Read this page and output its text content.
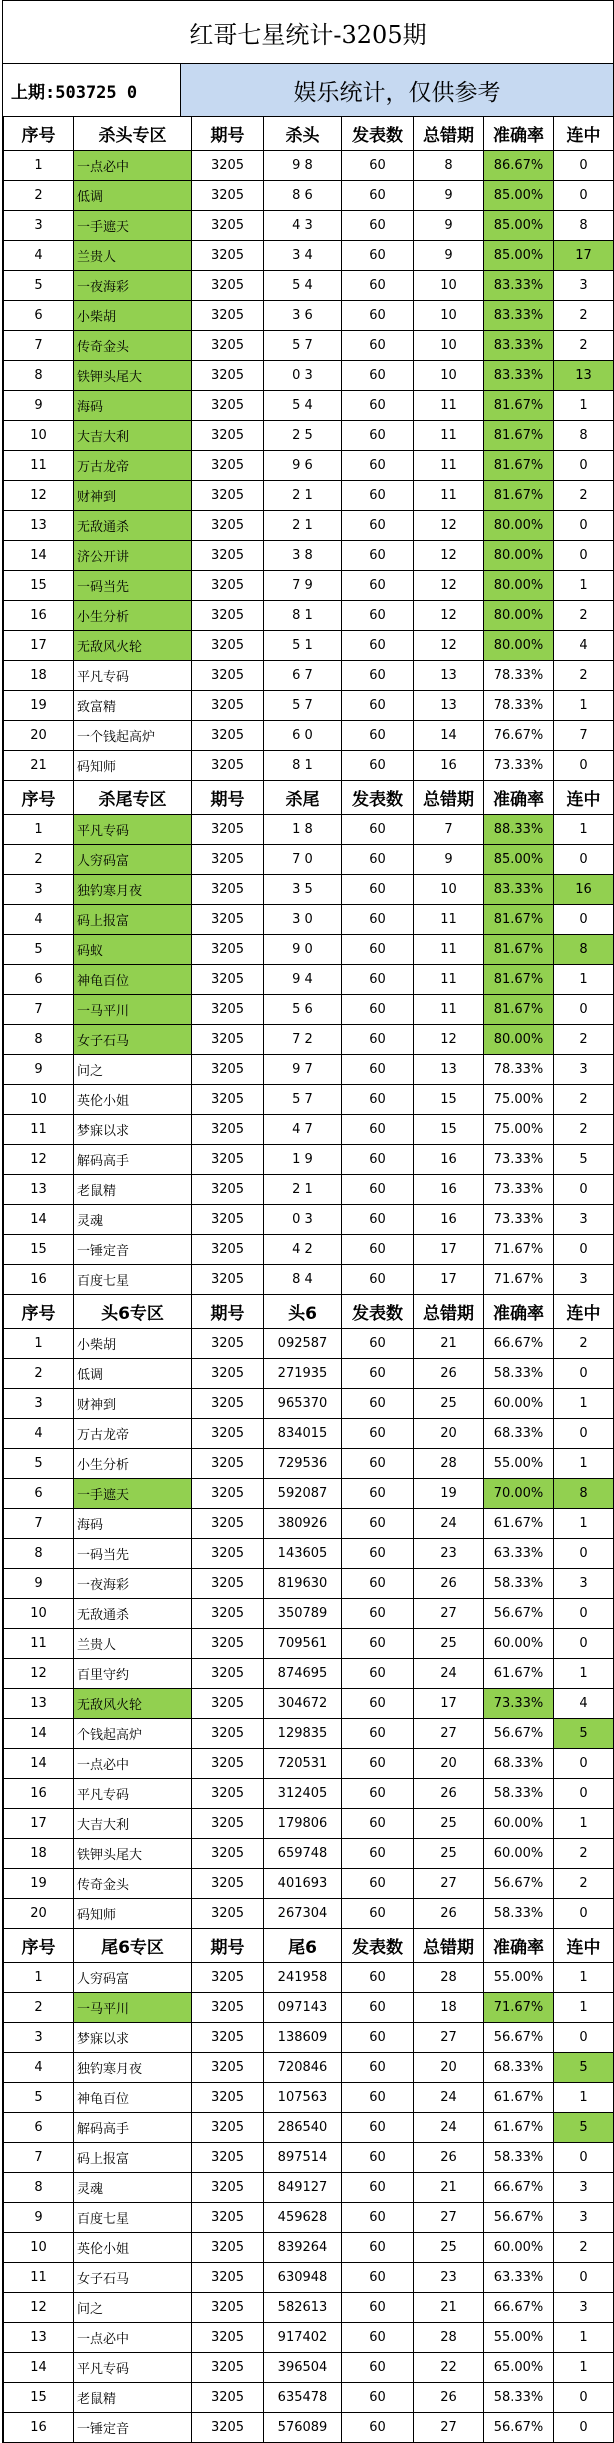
红哥七星统计-3205期
上期:503725 0	娱乐统计，仅供参考
序号	杀头专区	期号	杀头	发表数	总错期	准确率	连中
1	一点必中	3205	9 8	60	8	86.67%	0
2	低调	3205	8 6	60	9	85.00%	0
3	一手遮天	3205	4 3	60	9	85.00%	8
4	兰贵人	3205	3 4	60	9	85.00%	17
5	一夜海彩	3205	5 4	60	10	83.33%	3
6	小柴胡	3205	3 6	60	10	83.33%	2
7	传奇金头	3205	5 7	60	10	83.33%	2
8	铁钾头尾大	3205	0 3	60	10	83.33%	13
9	海码	3205	5 4	60	11	81.67%	1
10	大吉大利	3205	2 5	60	11	81.67%	8
11	万古龙帝	3205	9 6	60	11	81.67%	0
12	财神到	3205	2 1	60	11	81.67%	2
13	无敌通杀	3205	2 1	60	12	80.00%	0
14	济公开讲	3205	3 8	60	12	80.00%	0
15	一码当先	3205	7 9	60	12	80.00%	1
16	小生分析	3205	8 1	60	12	80.00%	2
17	无敌风火轮	3205	5 1	60	12	80.00%	4
18	平凡专码	3205	6 7	60	13	78.33%	2
19	致富精	3205	5 7	60	13	78.33%	1
20	一个钱起高炉	3205	6 0	60	14	76.67%	7
21	码知师	3205	8 1	60	16	73.33%	0
序号	杀尾专区	期号	杀尾	发表数	总错期	准确率	连中
1	平凡专码	3205	1 8	60	7	88.33%	1
2	人穷码富	3205	7 0	60	9	85.00%	0
3	独钓寒月夜	3205	3 5	60	10	83.33%	16
4	码上报富	3205	3 0	60	11	81.67%	0
5	码蚁	3205	9 0	60	11	81.67%	8
6	神龟百位	3205	9 4	60	11	81.67%	1
7	一马平川	3205	5 6	60	11	81.67%	0
8	女子石马	3205	7 2	60	12	80.00%	2
9	问之	3205	9 7	60	13	78.33%	3
10	英伦小姐	3205	5 7	60	15	75.00%	2
11	梦寐以求	3205	4 7	60	15	75.00%	2
12	解码高手	3205	1 9	60	16	73.33%	5
13	老鼠精	3205	2 1	60	16	73.33%	0
14	灵魂	3205	0 3	60	16	73.33%	3
15	一锤定音	3205	4 2	60	17	71.67%	0
16	百度七星	3205	8 4	60	17	71.67%	3
序号	头6专区	期号	头6	发表数	总错期	准确率	连中
1	小柴胡	3205	092587	60	21	66.67%	2
2	低调	3205	271935	60	26	58.33%	0
3	财神到	3205	965370	60	25	60.00%	1
4	万古龙帝	3205	834015	60	20	68.33%	0
5	小生分析	3205	729536	60	28	55.00%	1
6	一手遮天	3205	592087	60	19	70.00%	8
7	海码	3205	380926	60	24	61.67%	1
8	一码当先	3205	143605	60	23	63.33%	0
9	一夜海彩	3205	819630	60	26	58.33%	3
10	无敌通杀	3205	350789	60	27	56.67%	0
11	兰贵人	3205	709561	60	25	60.00%	0
12	百里守约	3205	874695	60	24	61.67%	1
13	无敌风火轮	3205	304672	60	17	73.33%	4
14	个钱起高炉	3205	129835	60	27	56.67%	5
14	一点必中	3205	720531	60	20	68.33%	0
16	平凡专码	3205	312405	60	26	58.33%	0
17	大吉大利	3205	179806	60	25	60.00%	1
18	铁钾头尾大	3205	659748	60	25	60.00%	2
19	传奇金头	3205	401693	60	27	56.67%	2
20	码知师	3205	267304	60	26	58.33%	0
序号	尾6专区	期号	尾6	发表数	总错期	准确率	连中
1	人穷码富	3205	241958	60	28	55.00%	1
2	一马平川	3205	097143	60	18	71.67%	1
3	梦寐以求	3205	138609	60	27	56.67%	0
4	独钓寒月夜	3205	720846	60	20	68.33%	5
5	神龟百位	3205	107563	60	24	61.67%	1
6	解码高手	3205	286540	60	24	61.67%	5
7	码上报富	3205	897514	60	26	58.33%	0
8	灵魂	3205	849127	60	21	66.67%	3
9	百度七星	3205	459628	60	27	56.67%	3
10	英伦小姐	3205	839264	60	25	60.00%	2
11	女子石马	3205	630948	60	23	63.33%	0
12	问之	3205	582613	60	21	66.67%	3
13	一点必中	3205	917402	60	28	55.00%	1
14	平凡专码	3205	396504	60	22	65.00%	1
15	老鼠精	3205	635478	60	26	58.33%	0
16	一锤定音	3205	576089	60	27	56.67%	0
